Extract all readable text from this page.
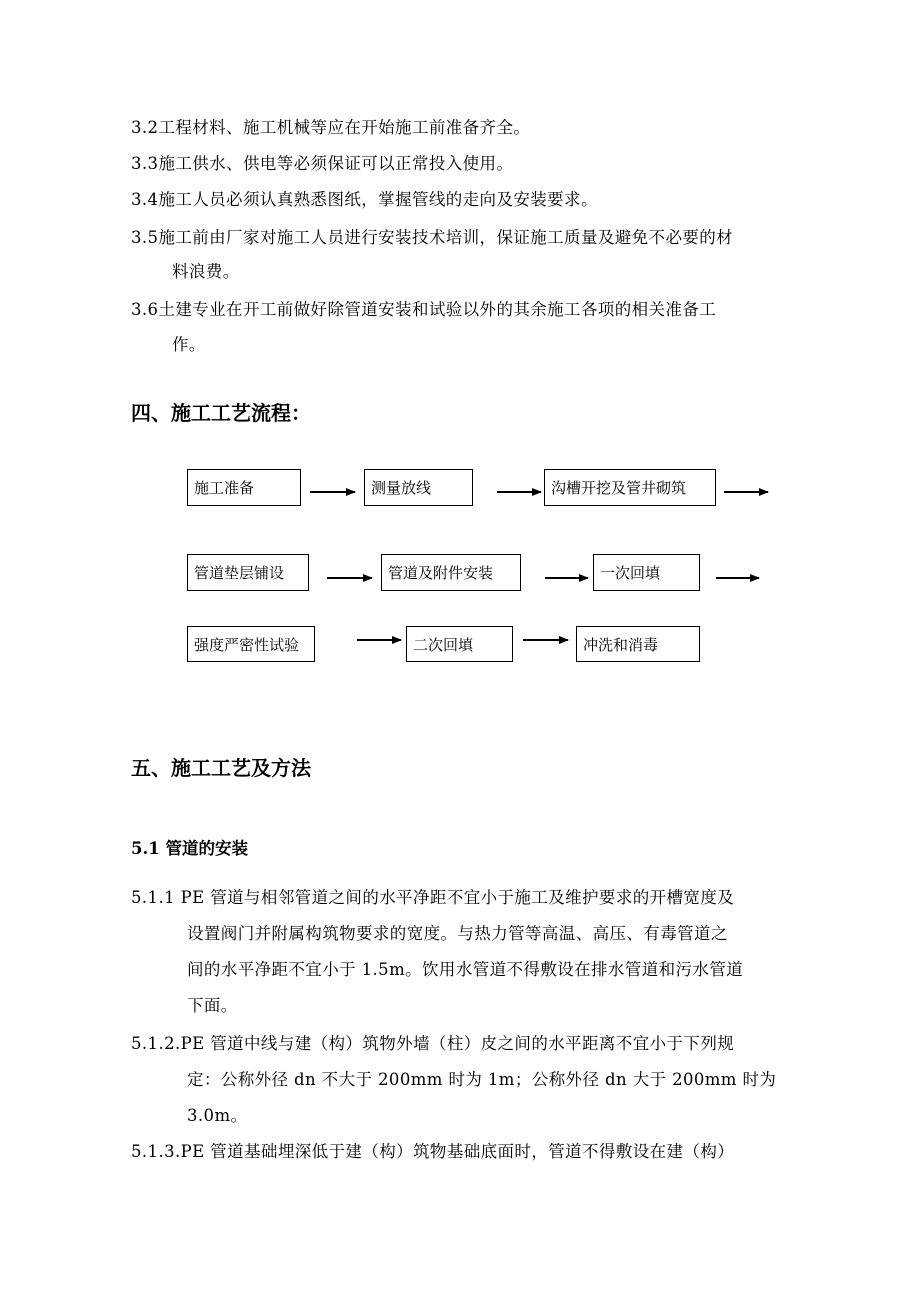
3.2工程材料、施工机械等应在开始施工前准备齐全。
3.3施工供水、供电等必须保证可以正常投入使用。
3.4施工人员必须认真熟悉图纸，掌握管线的走向及安装要求。
3.5施工前由厂家对施工人员进行安装技术培训，保证施工质量及避免不必要的材
料浪费。
3.6土建专业在开工前做好除管道安装和试验以外的其余施工各项的相关准备工
作。
四、施工工艺流程：
施工准备	测量放线	沟槽开挖及管井砌筑
管道垫层铺设	管道及附件安装	一次回填
强度严密性试验	二次回填	冲洗和消毒
五、施工工艺及方法
5.1 管道的安装
5.1.1 PE 管道与相邻管道之间的水平净距不宜小于施工及维护要求的开槽宽度及
设置阀门并附属构筑物要求的宽度。与热力管等高温、高压、有毒管道之
间的水平净距不宜小于 1.5m。饮用水管道不得敷设在排水管道和污水管道
下面。
5.1.2.PE 管道中线与建（构）筑物外墙（柱）皮之间的水平距离不宜小于下列规
定：公称外径 dn 不大于 200mm 时为 1m；公称外径 dn 大于 200mm 时为
3.0m。
5.1.3.PE 管道基础埋深低于建（构）筑物基础底面时，管道不得敷设在建（构）
